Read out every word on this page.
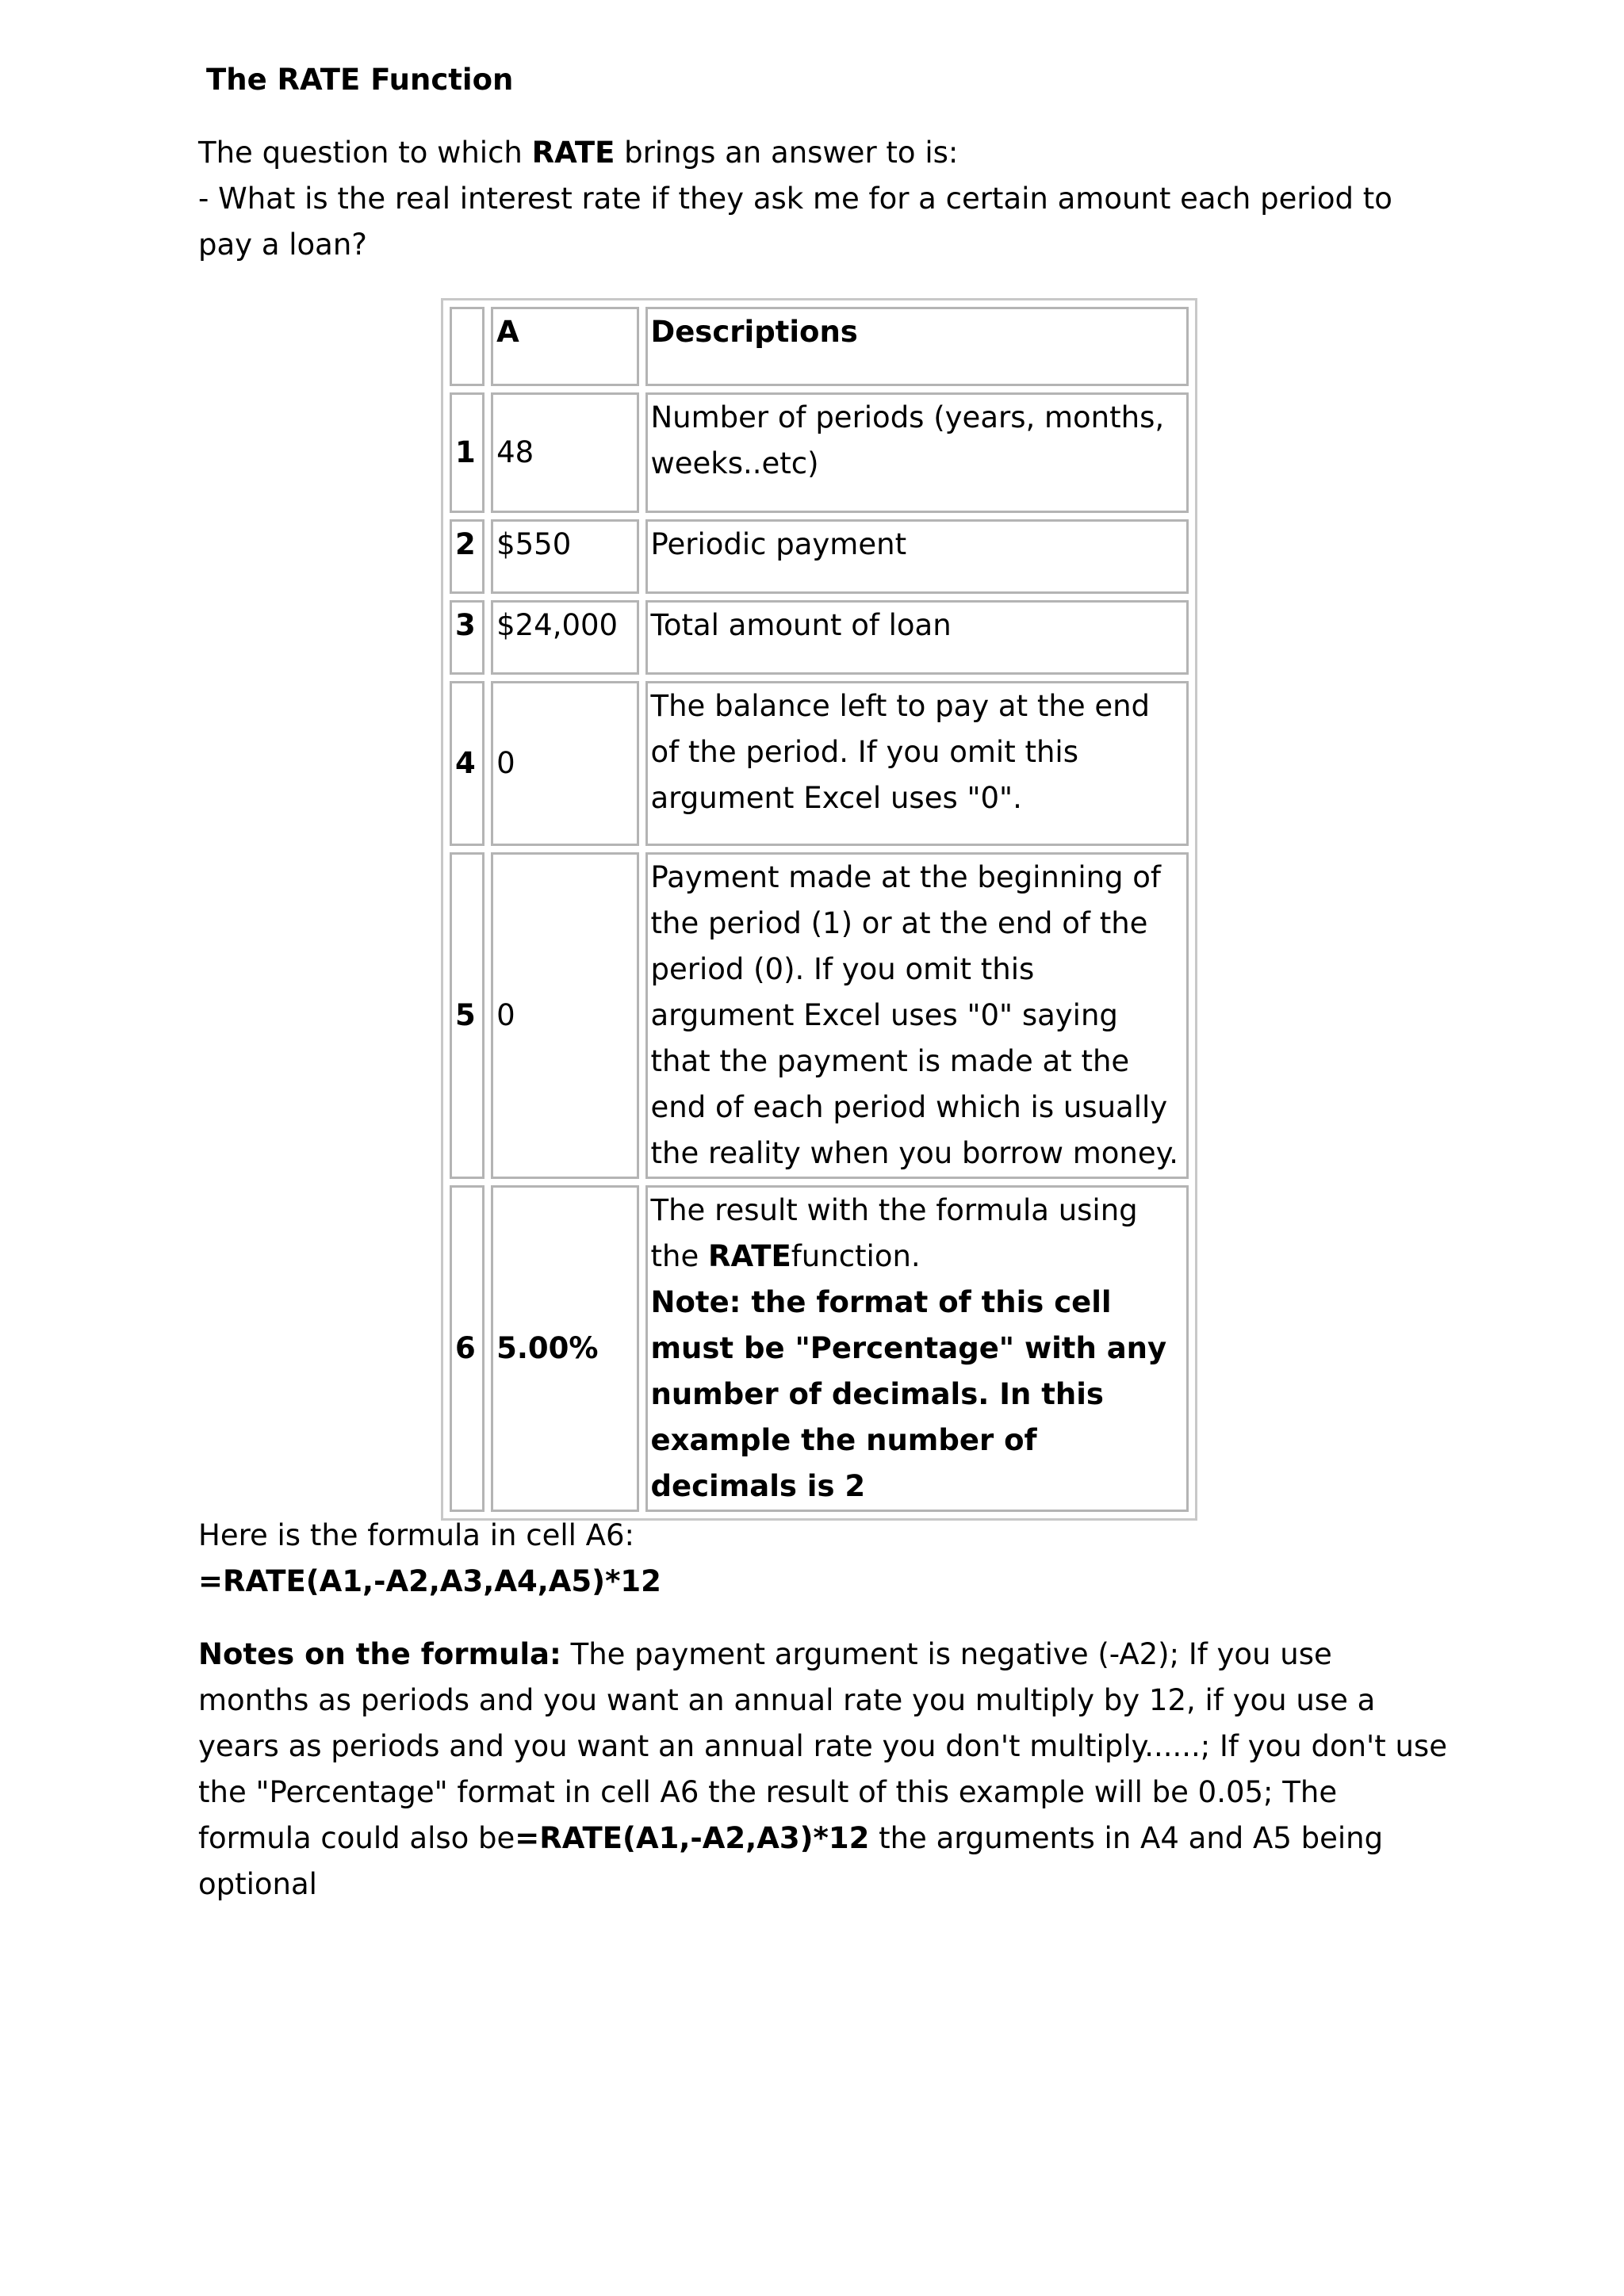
The RATE Function
The question to which RATE brings an answer to is:
- What is the real interest rate if they ask me for a certain amount each period to pay a loan?
	A	Descriptions
1	48	Number of periods (years, months, weeks..etc)
2	$550	Periodic payment
3	$24,000	Total amount of loan
4	0	The balance left to pay at the end of the period. If you omit this argument Excel uses "0".
5	0	Payment made at the beginning of the period (1) or at the end of the period (0). If you omit this argument Excel uses "0" saying that the payment is made at the end of each period which is usually the reality when you borrow money.
6	5.00%	The result with the formula using the RATEfunction.
Note: the format of this cell must be "Percentage" with any number of decimals. In this example the number of decimals is 2
Here is the formula in cell A6:
=RATE(A1,-A2,A3,A4,A5)*12
Notes on the formula: The payment argument is negative (-A2); If you use months as periods and you want an annual rate you multiply by 12, if you use a years as periods and you want an annual rate you don't multiply......; If you don't use the "Percentage" format in cell A6 the result of this example will be 0.05; The formula could also be=RATE(A1,-A2,A3)*12 the arguments in A4 and A5 being optional
